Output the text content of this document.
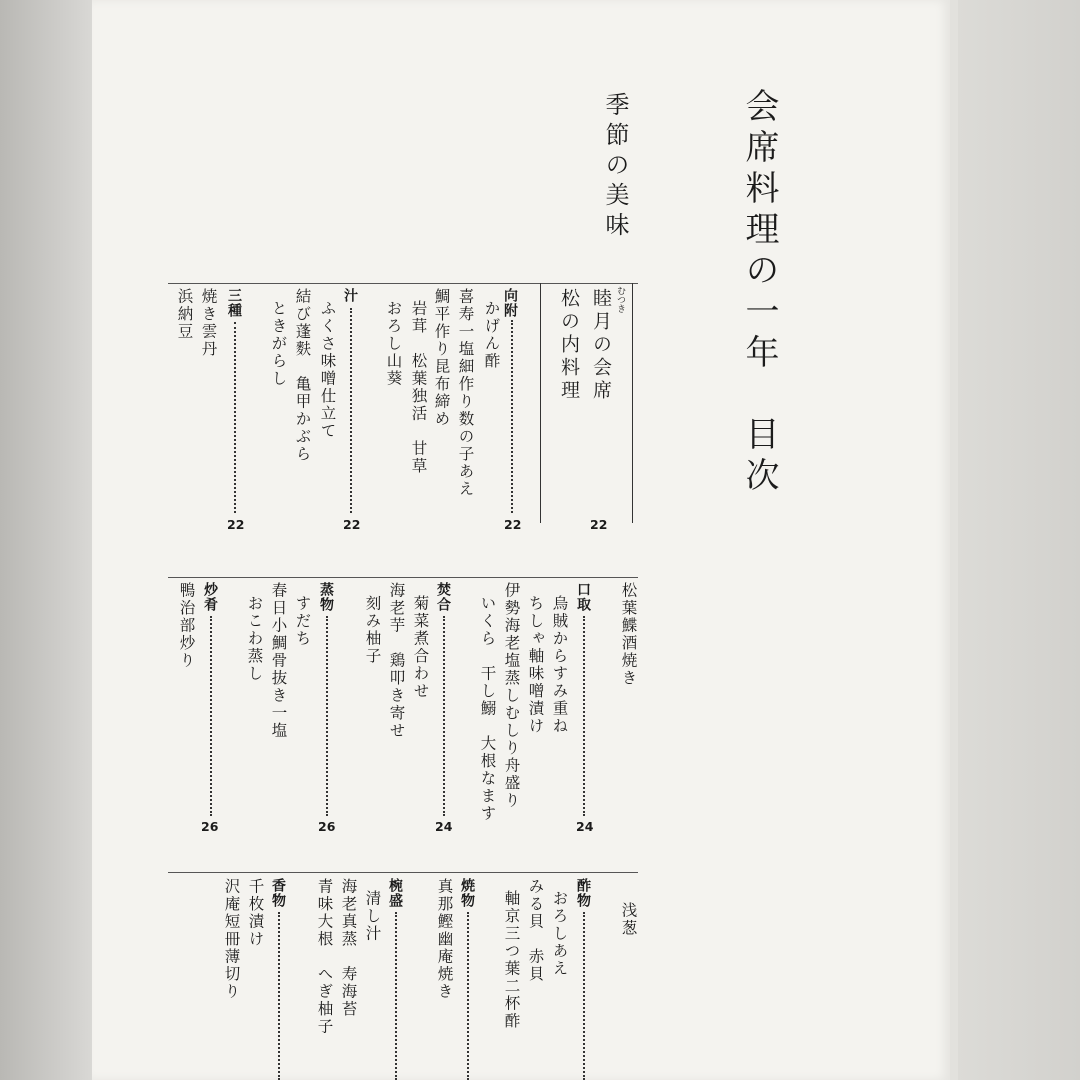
会席料理の一年　目次
季節の美味
むつき
睦月の会席
松の内料理
22
向附
22
かげん酢
喜寿一塩細作り数の子あえ
鯛平作り昆布締め
岩茸　松葉独活　甘草
おろし山葵
汁
22
ふくさ味噌仕立て
結び蓬麩　亀甲かぶら
ときがらし
三種
22
焼き雲丹
浜納豆
松葉鰈酒焼き
口取
24
烏賊からすみ重ね
ちしゃ軸味噌漬け
伊勢海老塩蒸しむしり舟盛り
いくら　干し鰯　大根なます
焚合
24
菊菜煮合わせ
海老芋　鶏叩き寄せ
刻み柚子
蒸物
26
すだち
春日小鯛骨抜き一塩
おこわ蒸し
炒肴
26
鴨治部炒り
浅葱
酢物
おろしあえ
みる貝　赤貝
軸京三つ葉二杯酢
焼物
真那鰹幽庵焼き
椀盛
清し汁
海老真蒸　寿海苔
青味大根　へぎ柚子
香物
千枚漬け
沢庵短冊薄切り
